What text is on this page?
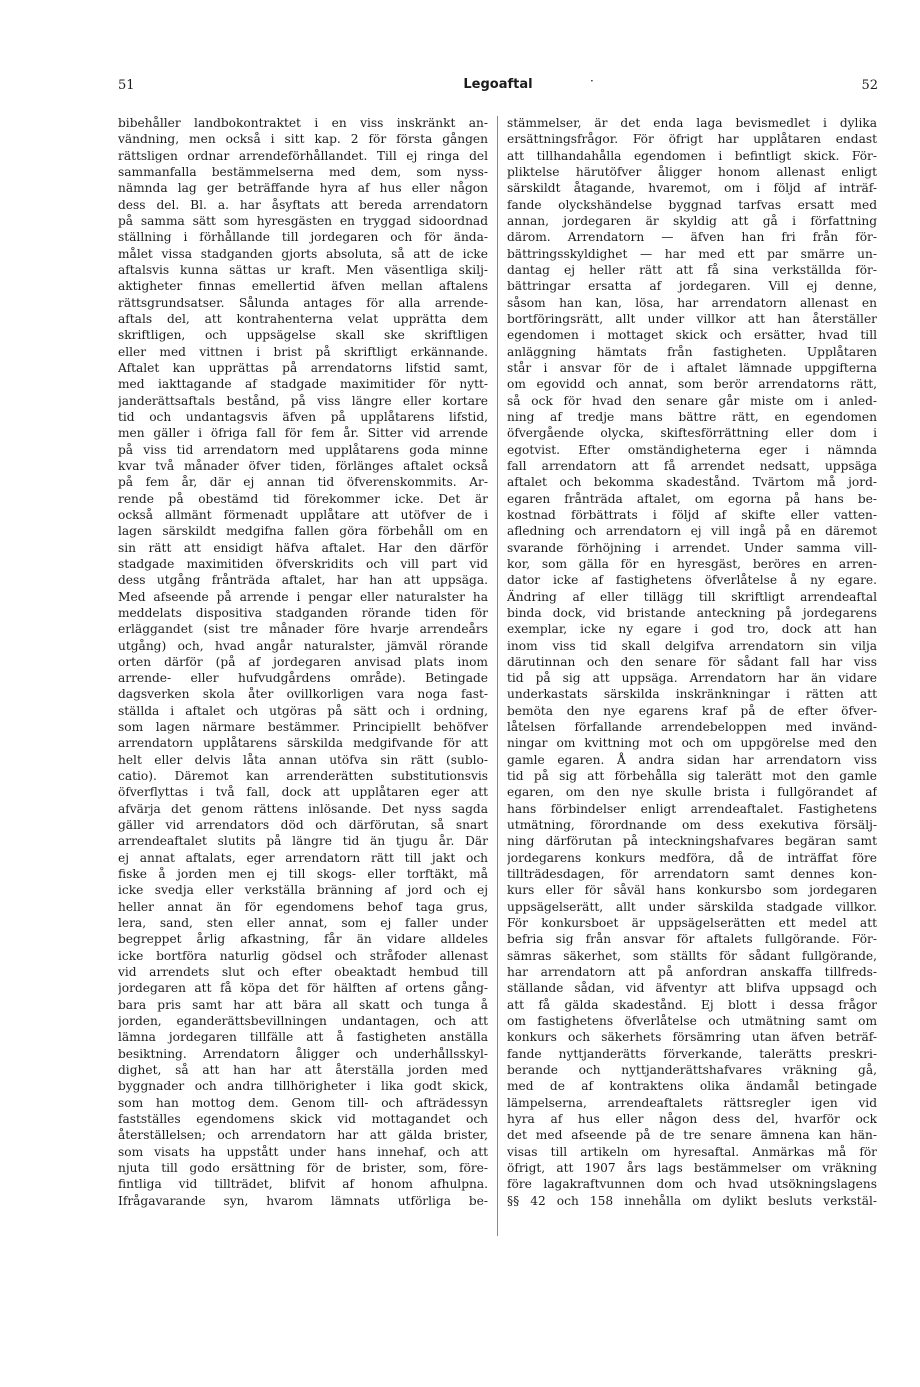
51	Legoaftal	·	52
bibehåller landbokontraktet i en viss inskränkt an-
vändning, men också i sitt kap. 2 för första gången
rättsligen ordnar arrendeförhållandet. Till ej ringa del
sammanfalla bestämmelserna med dem, som nyss-
nämnda lag ger beträffande hyra af hus eller någon
dess del. Bl. a. har åsyftats att bereda arrendatorn
på samma sätt som hyresgästen en tryggad sidoordnad
ställning i förhållande till jordegaren och för ända-
målet vissa stadganden gjorts absoluta, så att de icke
aftalsvis kunna sättas ur kraft. Men väsentliga skilj-
aktigheter finnas emellertid äfven mellan aftalens
rättsgrundsatser. Sålunda antages för alla arrende-
aftals del, att kontrahenterna velat upprätta dem
skriftligen, och uppsägelse skall ske skriftligen
eller med vittnen i brist på skriftligt erkännande.
Aftalet kan upprättas på arrendatorns lifstid samt,
med iakttagande af stadgade maximitider för nytt-
janderättsaftals bestånd, på viss längre eller kortare
tid och undantagsvis äfven på upplåtarens lifstid,
men gäller i öfriga fall för fem år. Sitter vid arrende
på viss tid arrendatorn med upplåtarens goda minne
kvar två månader öfver tiden, förlänges aftalet också
på fem år, där ej annan tid öfverenskommits. Ar-
rende på obestämd tid förekommer icke. Det är
också allmänt förmenadt upplåtare att utöfver de i
lagen särskildt medgifna fallen göra förbehåll om en
sin rätt att ensidigt häfva aftalet. Har den därför
stadgade maximitiden öfverskridits och vill part vid
dess utgång frånträda aftalet, har han att uppsäga.
Med afseende på arrende i pengar eller naturalster ha
meddelats dispositiva stadganden rörande tiden för
erläggandet (sist tre månader före hvarje arrendeårs
utgång) och, hvad angår naturalster, jämväl rörande
orten därför (på af jordegaren anvisad plats inom
arrende- eller hufvudgårdens område). Betingade
dagsverken skola åter ovillkorligen vara noga fast-
ställda i aftalet och utgöras på sätt och i ordning,
som lagen närmare bestämmer. Principiellt behöfver
arrendatorn upplåtarens särskilda medgifvande för att
helt eller delvis låta annan utöfva sin rätt (sublo-
catio). Däremot kan arrenderätten substitutionsvis
öfverflyttas i två fall, dock att upplåtaren eger att
afvärja det genom rättens inlösande. Det nyss sagda
gäller vid arrendators död och därförutan, så snart
arrendeaftalet slutits på längre tid än tjugu år. Där
ej annat aftalats, eger arrendatorn rätt till jakt och
fiske å jorden men ej till skogs- eller torftäkt, må
icke svedja eller verkställa bränning af jord och ej
heller annat än för egendomens behof taga grus,
lera, sand, sten eller annat, som ej faller under
begreppet årlig afkastning, får än vidare alldeles
icke bortföra naturlig gödsel och stråfoder allenast
vid arrendets slut och efter obeaktadt hembud till
jordegaren att få köpa det för hälften af ortens gång-
bara pris samt har att bära all skatt och tunga å
jorden, eganderättsbevillningen undantagen, och att
lämna jordegaren tillfälle att å fastigheten anställa
besiktning. Arrendatorn åligger och underhållsskyl-
dighet, så att han har att återställa jorden med
byggnader och andra tillhörigheter i lika godt skick,
som han mottog dem. Genom till- och afträdessyn
fastställes egendomens skick vid mottagandet och
återställelsen; och arrendatorn har att gälda brister,
som visats ha uppstått under hans innehaf, och att
njuta till godo ersättning för de brister, som, före-
fintliga vid tillträdet, blifvit af honom afhulpna.
Ifrågavarande syn, hvarom lämnats utförliga be-
stämmelser, är det enda laga bevismedlet i dylika
ersättningsfrågor. För öfrigt har upplåtaren endast
att tillhandahålla egendomen i befintligt skick. För-
pliktelse härutöfver åligger honom allenast enligt
särskildt åtagande, hvaremot, om i följd af inträf-
fande olyckshändelse byggnad tarfvas ersatt med
annan, jordegaren är skyldig att gå i författning
därom. Arrendatorn — äfven han fri från för-
bättringsskyldighet — har med ett par smärre un-
dantag ej heller rätt att få sina verkställda för-
bättringar ersatta af jordegaren. Vill ej denne,
såsom han kan, lösa, har arrendatorn allenast en
bortföringsrätt, allt under villkor att han återställer
egendomen i mottaget skick och ersätter, hvad till
anläggning hämtats från fastigheten. Upplåtaren
står i ansvar för de i aftalet lämnade uppgifterna
om egovidd och annat, som berör arrendatorns rätt,
så ock för hvad den senare går miste om i anled-
ning af tredje mans bättre rätt, en egendomen
öfvergående olycka, skiftesförrättning eller dom i
egotvist. Efter omständigheterna eger i nämnda
fall arrendatorn att få arrendet nedsatt, uppsäga
aftalet och bekomma skadestånd. Tvärtom må jord-
egaren frånträda aftalet, om egorna på hans be-
kostnad förbättrats i följd af skifte eller vatten-
afledning och arrendatorn ej vill ingå på en däremot
svarande förhöjning i arrendet. Under samma vill-
kor, som gälla för en hyresgäst, beröres en arren-
dator icke af fastighetens öfverlåtelse å ny egare.
Ändring af eller tillägg till skriftligt arrendeaftal
binda dock, vid bristande anteckning på jordegarens
exemplar, icke ny egare i god tro, dock att han
inom viss tid skall delgifva arrendatorn sin vilja
därutinnan och den senare för sådant fall har viss
tid på sig att uppsäga. Arrendatorn har än vidare
underkastats särskilda inskränkningar i rätten att
bemöta den nye egarens kraf på de efter öfver-
låtelsen förfallande arrendebeloppen med invänd-
ningar om kvittning mot och om uppgörelse med den
gamle egaren. Å andra sidan har arrendatorn viss
tid på sig att förbehålla sig talerätt mot den gamle
egaren, om den nye skulle brista i fullgörandet af
hans förbindelser enligt arrendeaftalet. Fastighetens
utmätning, förordnande om dess exekutiva försälj-
ning därförutan på inteckningshafvares begäran samt
jordegarens konkurs medföra, då de inträffat före
tillträdesdagen, för arrendatorn samt dennes kon-
kurs eller för såväl hans konkursbo som jordegaren
uppsägelserätt, allt under särskilda stadgade villkor.
För konkursboet är uppsägelserätten ett medel att
befria sig från ansvar för aftalets fullgörande. För-
sämras säkerhet, som ställts för sådant fullgörande,
har arrendatorn att på anfordran anskaffa tillfreds-
ställande sådan, vid äfventyr att blifva uppsagd och
att få gälda skadestånd. Ej blott i dessa frågor
om fastighetens öfverlåtelse och utmätning samt om
konkurs och säkerhets försämring utan äfven beträf-
fande nyttjanderätts förverkande, talerätts preskri-
berande och nyttjanderättshafvares vräkning gå,
med de af kontraktens olika ändamål betingade
lämpelserna, arrendeaftalets rättsregler igen vid
hyra af hus eller någon dess del, hvarför ock
det med afseende på de tre senare ämnena kan hän-
visas till artikeln om hyresaftal. Anmärkas må för
öfrigt, att 1907 års lags bestämmelser om vräkning
före lagakraftvunnen dom och hvad utsökningslagens
§§ 42 och 158 innehålla om dylikt besluts verkstäl-
